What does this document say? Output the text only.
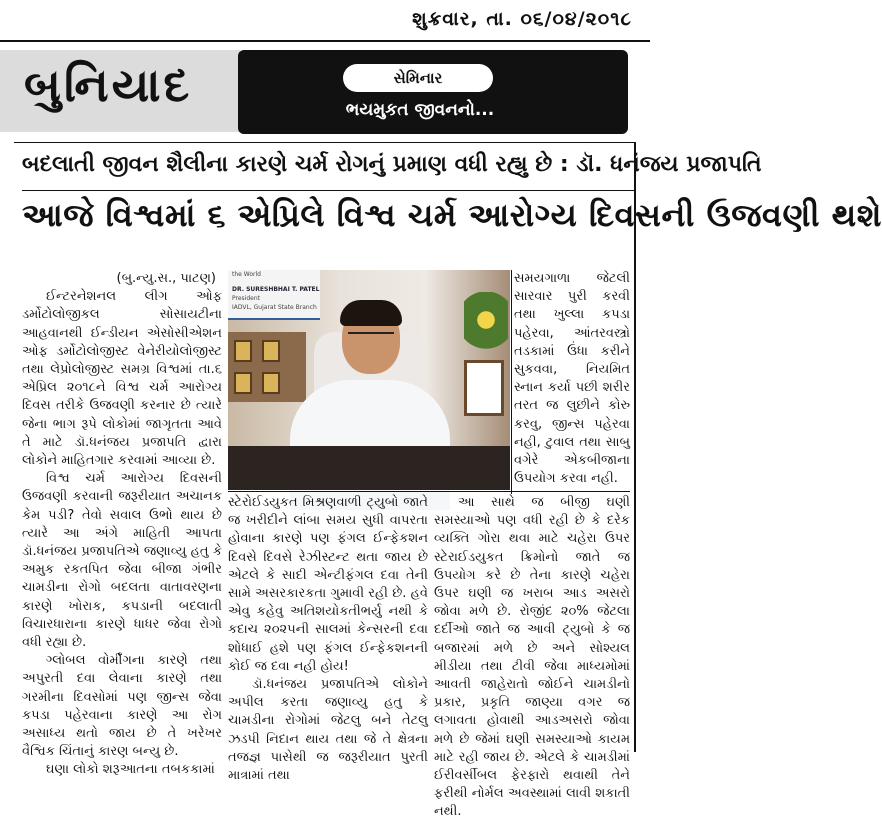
શુક્રવાર, તા. ૦૬/૦૪/૨૦૧૮
બુનિયાદ	સેમિનાર
ભયમુકત જીવનનો...
બદલાતી જીવન શૈલીના કારણે ચર્મ રોગનું પ્રમાણ વધી રહ્યુ છે : ડૉ. ધનંજય પ્રજાપતિ
આજે વિશ્વમાં ૬ એપ્રિલે વિશ્વ ચર્મ આરોગ્ય દિવસની ઉજવણી થશે

(બુ.ન્યુ.સ., પાટણ)

ઈન્ટરનેશનલ લીગ ઓફ ડર્મોટોલોજીકલ સોસાયટીના આહવાનથી ઈન્ડીયન એસોસીએશન ઓફ ડર્મોટોલોજીસ્ટ વેનેરીયોલોજીસ્ટ તથા લેપ્રોલોજીસ્ટ સમગ્ર વિશ્વમાં તા.૬ એપ્રિલ ૨૦૧૮ને વિશ્વ ચર્મ આરોગ્ય દિવસ તરીકે ઉજવણી કરનાર છે ત્યારે જેના ભાગ રૂપે લોકોમાં જાગૃતતા આવે તે માટે ડૉ.ધનંજય પ્રજાપતિ દ્વારા લોકોને માહિતગાર કરવામાં આવ્યા છે.

વિશ્વ ચર્મ આરોગ્ય દિવસની ઉજવણી કરવાની જરૂરીયાત અચાનક કેમ પડી? તેવો સવાલ ઉભો થાય છે ત્યારે આ અંગે માહિતી આપતા ડૉ.ધનંજય પ્રજાપતિએ જણાવ્યુ હતુ કે અમુક રકતપિત જેવા બીજા ગંભીર ચામડીના રોગો બદલતા વાતાવરણના કારણે ખોરાક, કપડાની બદલાતી વિચારધારાના કારણે ધાધર જેવા રોગો વધી રહ્યા છે.

ગ્લોબલ વોર્મીંગના કારણે તથા અપુરતી દવા લેવાના કારણે તથા ગરમીના દિવસોમાં પણ જીન્સ જેવા કપડા પહેરવાના કારણે આ રોગ અસાધ્ય થતો જાય છે તે ખરેખર વૈશ્વિક ચિંતાનું કારણ બન્યુ છે.

ઘણા લોકો શરૂઆતના તબકકામાં

the World
DR. SURESHBHAI T. PATEL
President
IADVL, Gujarat State Branch

સમયગાળા જેટલી સારવાર પુરી કરવી તથા ખુલ્લા કપડા પહેરવા, આંતરવસ્ત્રો તડકામાં ઉંધા કરીને સુકવવા, નિયમિત સ્નાન કર્યા પછી શરીર તરત જ લુછીને કોરુ કરવુ, જીન્સ પહેરવા નહી, ટુવાલ તથા સાબુ વગેરે એકબીજાના ઉપયોગ કરવા નહી.

સ્ટેરોઈડયુકત મિશ્રણવાળી ટ્યુબો જાતે જ ખરીદીને લાંબા સમય સુધી વાપરતા હોવાના કારણે પણ ફંગલ ઈન્ફેકશન દિવસે દિવસે રેઝીસ્ટન્ટ થતા જાય છે એટલે કે સાદી એન્ટીફંગલ દવા તેની સામે અસરકારકતા ગુમાવી રહી છે. હવે એવુ કહેવુ અતિશયોકતીભર્યુ નથી કે કદાચ ૨૦૨૫ની સાલમાં કેન્સરની દવા શોધાઈ હશે પણ ફંગલ ઈન્ફેકશનની કોઈ જ દવા નહી હોય!

ડૉ.ધનંજય પ્રજાપતિએ લોકોને અપીલ કરતા જણાવ્યુ હતુ કે ચામડીના રોગોમાં જેટલુ બને તેટલુ ઝડપી નિદાન થાય તથા જે તે ક્ષેત્રના તજજ્ઞ પાસેથી જ જરૂરીયાત પુરતી માત્રામાં તથા

આ સાથે જ બીજી ઘણી સમસ્યાઓ પણ વધી રહી છે કે દરેક વ્યક્તિ ગોરા થવા માટે ચહેરા ઉપર સ્ટેરાઈડયુકત ક્રિમોનો જાતે જ ઉપયોગ કરે છે તેના કારણે ચહેરા ઉપર ઘણી જ ખરાબ આડ અસરો જોવા મળે છે. રોજીંદ ૨૦% જેટલા દર્દીઓ જાતે જ આવી ટ્યુબો કે જ બજારમાં મળે છે અને સોશ્યલ મીડીયા તથા ટીવી જેવા માધ્યમોમાં આવતી જાહેરાતો જોઈને ચામડીનો પ્રકાર, પ્રકૃતિ જાણ્યા વગર જ લગાવતા હોવાથી આડઅસરો જોવા મળે છે જેમાં ઘણી સમસ્યાઓ કાયમ માટે રહી જાય છે. એટલે કે ચામડીમાં ઈરીવર્સીબલ ફેરફારો થવાથી તેને ફરીથી નોર્મલ અવસ્થામાં લાવી શકાતી નથી.
